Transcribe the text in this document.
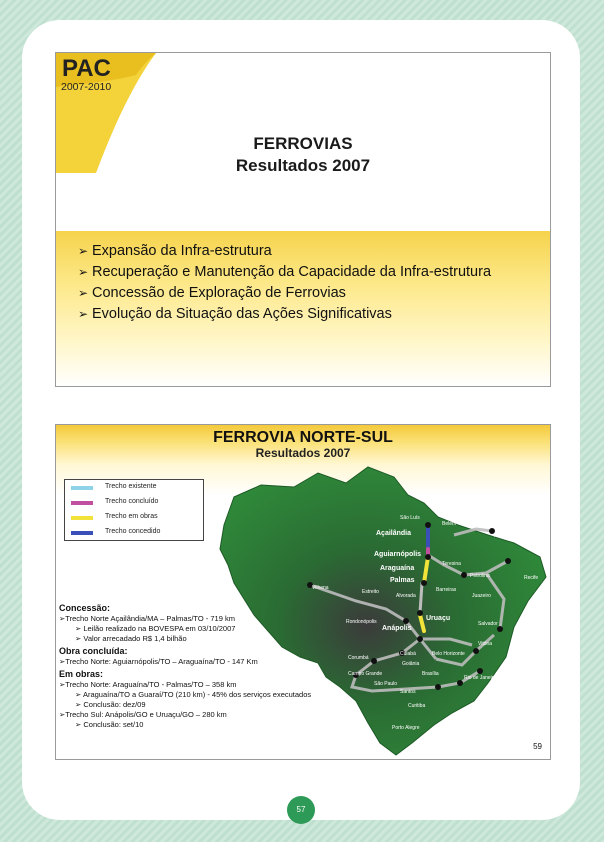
PAC
2007-2010
FERROVIAS
Resultados 2007
➢ Expansão da Infra-estrutura
➢ Recuperação e Manutenção da Capacidade da Infra-estrutura
➢ Concessão de Exploração de Ferrovias
➢ Evolução da Situação das Ações Significativas
FERROVIA NORTE-SUL
Resultados 2007
Açailândia
Aguiarnópolis
Araguaína
Palmas
Uruaçu
Anápolis
São Luís
Belém
Fortaleza
Teresina
Petrolina	Recife
Barreiras
Juazeiro
Alvorada
Vilhena
Estreito
Rondonópolis	Salvador
Corumbá
Goiânia
Belo Horizonte
Vitória
Campo Grande
Cuiabá
Brasília
Rio de Janeiro
São Paulo
Santos
Curitiba
Porto Alegre
Trecho existente
Trecho concluído
Trecho em obras
Trecho concedido
Concessão:
➢Trecho Norte Açailândia/MA – Palmas/TO - 719 km
➢ Leilão realizado na BOVESPA em 03/10/2007
➢ Valor arrecadado R$ 1,4 bilhão
Obra concluída:
➢Trecho Norte: Aguiarnópolis/TO – Araguaína/TO - 147 Km
Em obras:
➢Trecho Norte: Araguaína/TO - Palmas/TO – 358 km
➢ Araguaína/TO a Guaraí/TO (210 km) - 45% dos serviços executados
➢ Conclusão: dez/09
➢Trecho Sul: Anápolis/GO e Uruaçu/GO – 280 km
➢ Conclusão: set/10
59
57
